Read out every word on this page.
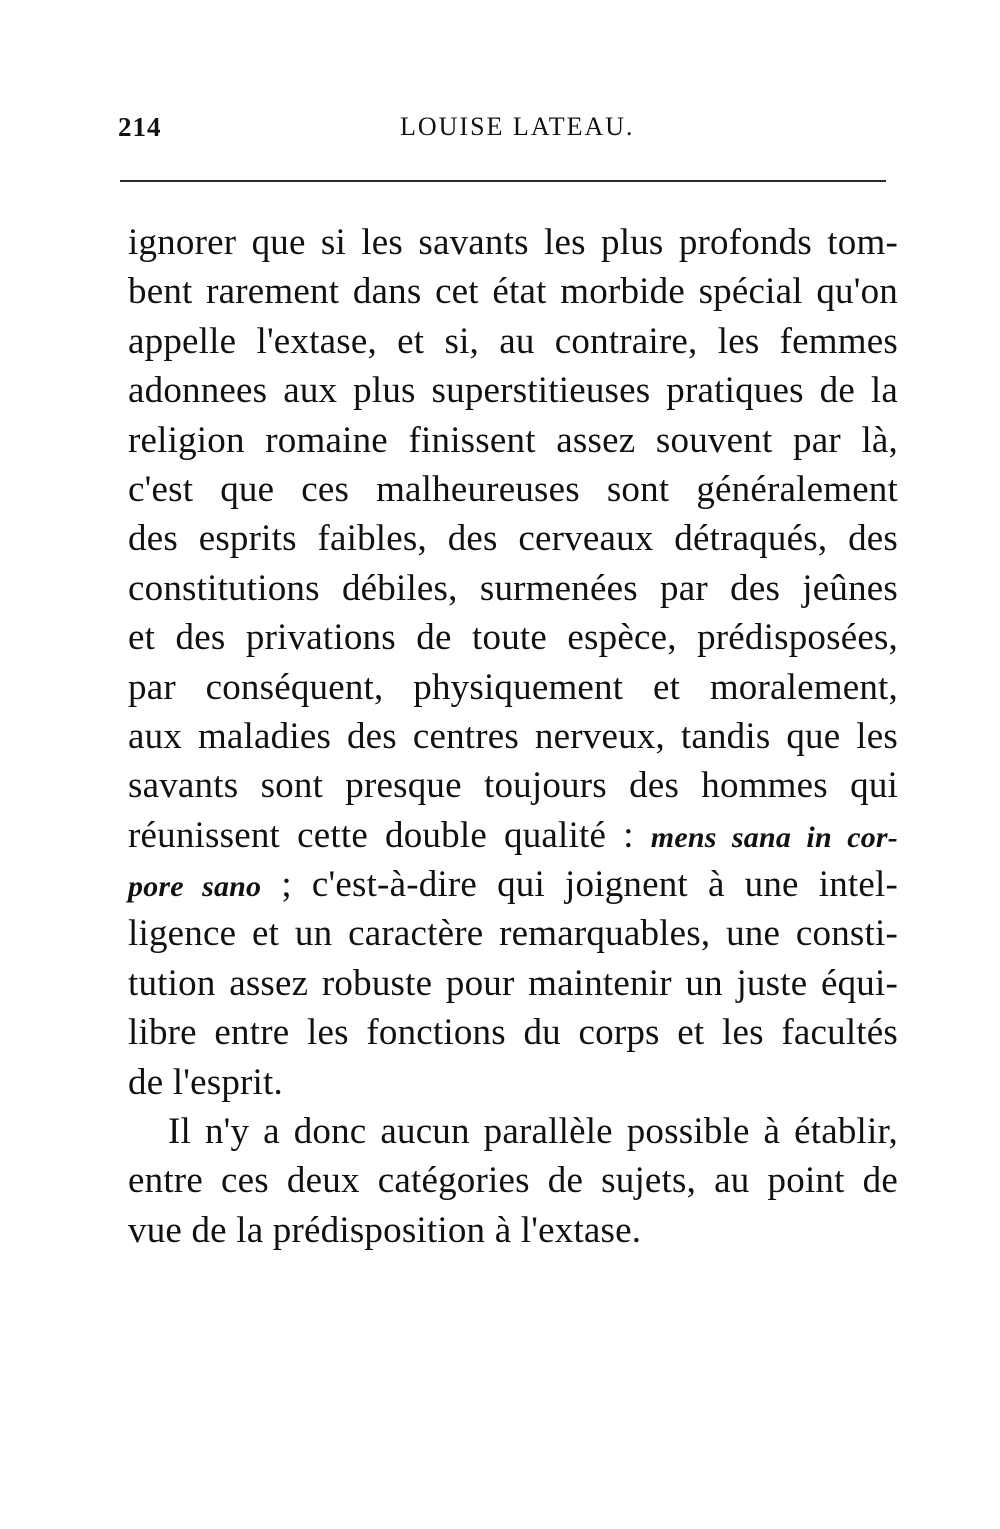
214	LOUISE LATEAU.
ignorer que si les savants les plus profonds tom-
bent rarement dans cet état morbide spécial qu'on
appelle l'extase, et si, au contraire, les femmes
adonnees aux plus superstitieuses pratiques de la
religion romaine finissent assez souvent par là,
c'est que ces malheureuses sont généralement
des esprits faibles, des cerveaux détraqués, des
constitutions débiles, surmenées par des jeûnes
et des privations de toute espèce, prédisposées,
par conséquent, physiquement et moralement,
aux maladies des centres nerveux, tandis que les
savants sont presque toujours des hommes qui
réunissent cette double qualité : mens sana in cor-
pore sano ; c'est-à-dire qui joignent à une intel-
ligence et un caractère remarquables, une consti-
tution assez robuste pour maintenir un juste équi-
libre entre les fonctions du corps et les facultés
de l'esprit.
Il n'y a donc aucun parallèle possible à établir,
entre ces deux catégories de sujets, au point de
vue de la prédisposition à l'extase.
